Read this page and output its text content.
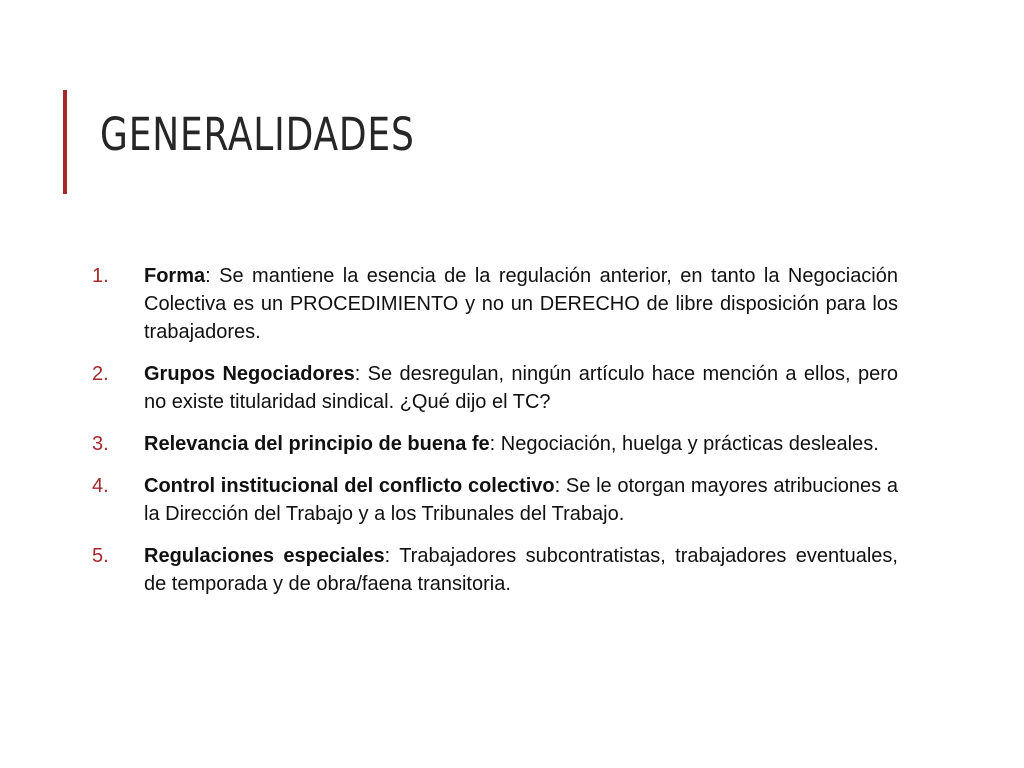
GENERALIDADES
1.	Forma: Se mantiene la esencia de la regulación anterior, en tanto la Negociación Colectiva es un PROCEDIMIENTO y no un DERECHO de libre disposición para los trabajadores.
2.	Grupos Negociadores: Se desregulan, ningún artículo hace mención a ellos, pero no existe titularidad sindical. ¿Qué dijo el TC?
3.	Relevancia del principio de buena fe: Negociación, huelga y prácticas desleales.
4.	Control institucional del conflicto colectivo: Se le otorgan mayores atribuciones a la Dirección del Trabajo y a los Tribunales del Trabajo.
5.	Regulaciones especiales: Trabajadores subcontratistas, trabajadores eventuales, de temporada y de obra/faena transitoria.
